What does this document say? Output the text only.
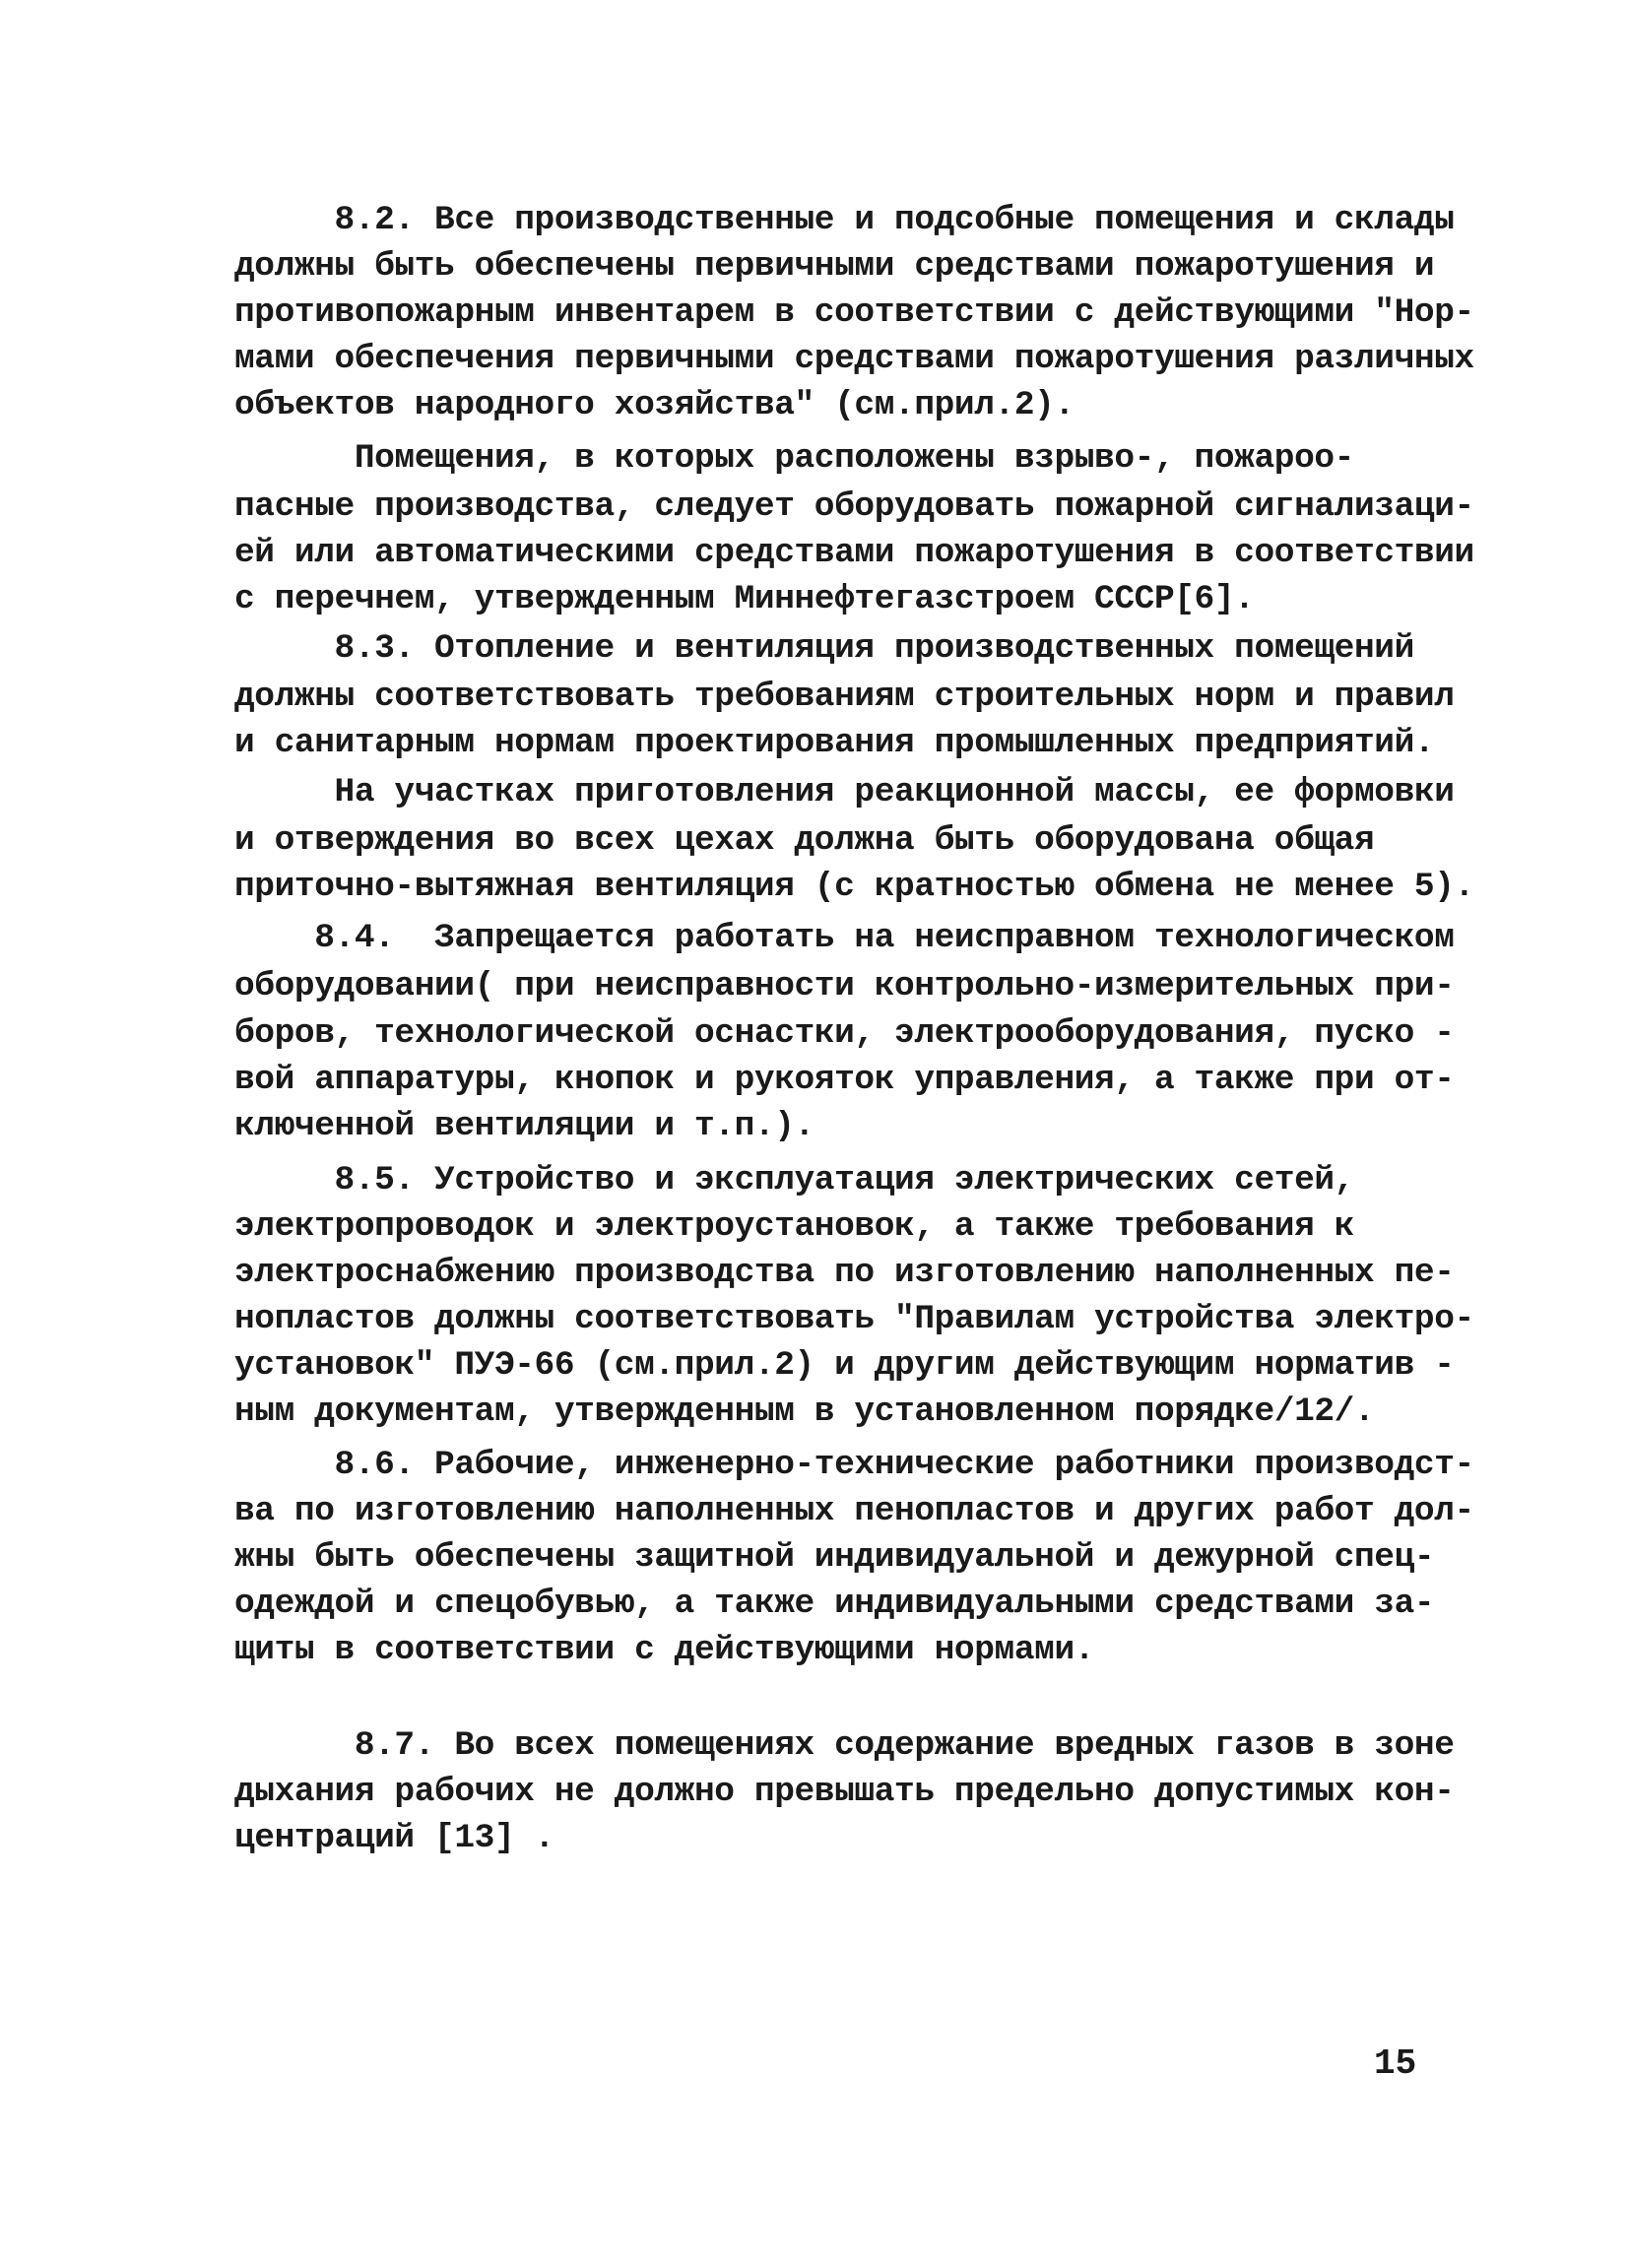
8.2. Все производственные и подсобные помещения и склады
должны быть обеспечены первичными средствами пожаротушения и
противопожарным инвентарем в соответствии с действующими "Нор-
мами обеспечения первичными средствами пожаротушения различных
объектов народного хозяйства" (см.прил.2).
Помещения, в которых расположены взрыво-, пожароо-
пасные производства, следует оборудовать пожарной сигнализаци-
ей или автоматическими средствами пожаротушения в соответствии
с перечнем, утвержденным Миннефтегазстроем СССР[6].
8.3. Отопление и вентиляция производственных помещений
должны соответствовать требованиям строительных норм и правил
и санитарным нормам проектирования промышленных предприятий.
На участках приготовления реакционной массы, ее формовки
и отверждения во всех цехах должна быть оборудована общая
приточно-вытяжная вентиляция (с кратностью обмена не менее 5).
8.4.  Запрещается работать на неисправном технологическом
оборудовании( при неисправности контрольно-измерительных при-
боров, технологической оснастки, электрооборудования, пуско -
вой аппаратуры, кнопок и рукояток управления, а также при от-
ключенной вентиляции и т.п.).
8.5. Устройство и эксплуатация электрических сетей,
электропроводок и электроустановок, а также требования к
электроснабжению производства по изготовлению наполненных пе-
нопластов должны соответствовать "Правилам устройства электро-
установок" ПУЭ-66 (см.прил.2) и другим действующим норматив -
ным документам, утвержденным в установленном порядке/12/.
8.6. Рабочие, инженерно-технические работники производст-
ва по изготовлению наполненных пенопластов и других работ дол-
жны быть обеспечены защитной индивидуальной и дежурной спец-
одеждой и спецобувью, а также индивидуальными средствами за-
щиты в соответствии с действующими нормами.
8.7. Во всех помещениях содержание вредных газов в зоне
дыхания рабочих не должно превышать предельно допустимых кон-
центраций [13] .
15
